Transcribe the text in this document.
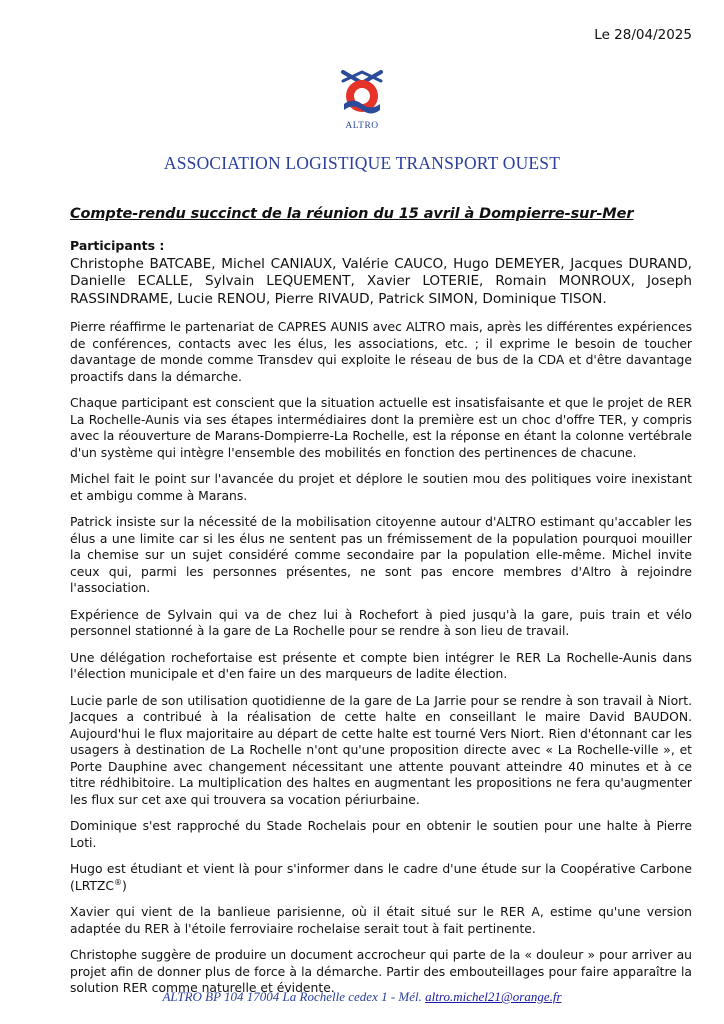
Le 28/04/2025
ALTRO
ASSOCIATION LOGISTIQUE TRANSPORT OUEST
Compte-rendu succinct de la réunion du 15 avril à Dompierre-sur-Mer
Participants :
Christophe BATCABE, Michel CANIAUX, Valérie CAUCO, Hugo DEMEYER, Jacques DURAND, Danielle ECALLE, Sylvain LEQUEMENT, Xavier LOTERIE, Romain MONROUX, Joseph RASSINDRAME, Lucie RENOU, Pierre RIVAUD, Patrick SIMON, Dominique TISON.

Pierre réaffirme le partenariat de CAPRES AUNIS avec ALTRO mais, après les différentes expériences de conférences, contacts avec les élus, les associations, etc. ; il exprime le besoin de toucher davantage de monde comme Transdev qui exploite le réseau de bus de la CDA et d'être davantage proactifs dans la démarche.

Chaque participant est conscient que la situation actuelle est insatisfaisante et que le projet de RER La Rochelle-Aunis via ses étapes intermédiaires dont la première est un choc d'offre TER, y compris avec la réouverture de Marans-Dompierre-La Rochelle, est la réponse en étant la colonne vertébrale d'un système qui intègre l'ensemble des mobilités en fonction des pertinences de chacune.

Michel fait le point sur l'avancée du projet et déplore le soutien mou des politiques voire inexistant et ambigu comme à Marans.

Patrick insiste sur la nécessité de la mobilisation citoyenne autour d'ALTRO estimant qu'accabler les élus a une limite car si les élus ne sentent pas un frémissement de la population pourquoi mouiller la chemise sur un sujet considéré comme secondaire par la population elle-même. Michel invite ceux qui, parmi les personnes présentes, ne sont pas encore membres d'Altro à rejoindre l'association.

Expérience de Sylvain qui va de chez lui à Rochefort à pied jusqu'à la gare, puis train et vélo personnel stationné à la gare de La Rochelle pour se rendre à son lieu de travail.

Une délégation rochefortaise est présente et compte bien intégrer le RER La Rochelle-Aunis dans l'élection municipale et d'en faire un des marqueurs de ladite élection.

Lucie parle de son utilisation quotidienne de la gare de La Jarrie pour se rendre à son travail à Niort. Jacques a contribué à la réalisation de cette halte en conseillant le maire David BAUDON. Aujourd'hui le flux majoritaire au départ de cette halte est tourné Vers Niort. Rien d'étonnant car les usagers à destination de La Rochelle n'ont qu'une proposition directe avec « La Rochelle-ville », et Porte Dauphine avec changement nécessitant une attente pouvant atteindre 40 minutes et à ce titre rédhibitoire. La multiplication des haltes en augmentant les propositions ne fera qu'augmenter les flux sur cet axe qui trouvera sa vocation périurbaine.

Dominique s'est rapproché du Stade Rochelais pour en obtenir le soutien pour une halte à Pierre Loti.

Hugo est étudiant et vient là pour s'informer dans le cadre d'une étude sur la Coopérative Carbone (LRTZC®)

Xavier qui vient de la banlieue parisienne, où il était situé sur le RER A, estime qu'une version adaptée du RER à l'étoile ferroviaire rochelaise serait tout à fait pertinente.

Christophe suggère de produire un document accrocheur qui parte de la « douleur » pour arriver au projet afin de donner plus de force à la démarche. Partir des embouteillages pour faire apparaître la solution RER comme naturelle et évidente.

ALTRO BP 104 17004 La Rochelle cedex 1 - Mél. altro.michel21@orange.fr
